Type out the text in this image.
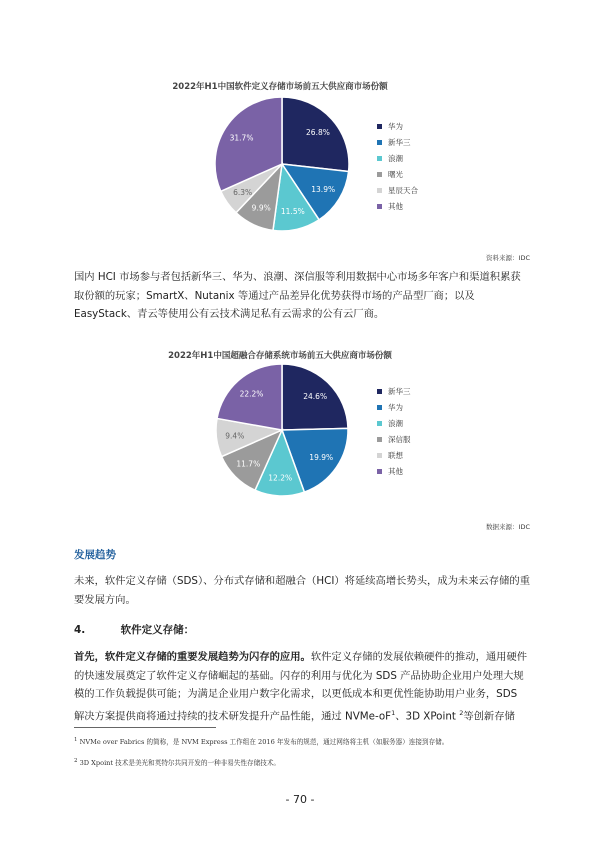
2022年H1中国软件定义存储市场前五大供应商市场份额
26.8%
13.9%
11.5%
9.9%
6.3%
31.7%
华为
新华三
浪潮
曙光
星辰天合
其他
资料来源：IDC
国内 HCI 市场参与者包括新华三、华为、浪潮、深信服等利用数据中心市场多年客户和渠道积累获取份额的玩家；SmartX、Nutanix 等通过产品差异化优势获得市场的产品型厂商；以及 EasyStack、青云等使用公有云技术满足私有云需求的公有云厂商。
2022年H1中国超融合存储系统市场前五大供应商市场份额
24.6%
19.9%
12.2%
11.7%
9.4%
22.2%	新华三
华为
浪潮
深信服
联想
其他
数据来源：IDC
发展趋势
未来，软件定义存储（SDS）、分布式存储和超融合（HCI）将延续高增长势头，成为未来云存储的重要发展方向。
4.	软件定义存储：
首先，软件定义存储的重要发展趋势为闪存的应用。软件定义存储的发展依赖硬件的推动，通用硬件的快速发展奠定了软件定义存储崛起的基础。闪存的利用与优化为 SDS 产品协助企业用户处理大规模的工作负载提供可能；为满足企业用户数字化需求，以更低成本和更优性能协助用户业务，SDS 解决方案提供商将通过持续的技术研发提升产品性能，通过 NVMe-$oF^1$、3D XPoint $^2$等创新存储
$^1$ NVMe over Fabrics 的简称，是 NVM Express 工作组在 2016 年发布的规范，通过网络将主机（如服务器）连接到存储。
$^2$ 3D Xpoint 技术是美光和英特尔共同开发的一种非易失性存储技术。
- 70 -
